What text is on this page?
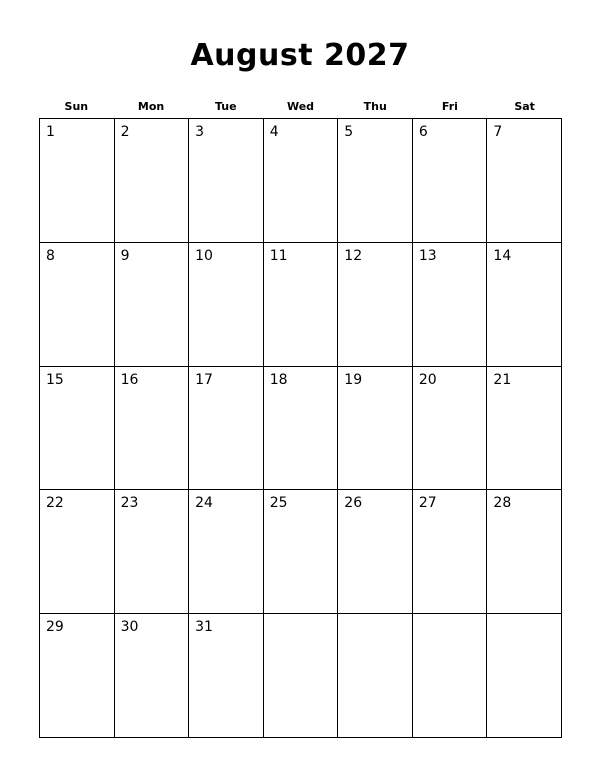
August 2027
Sun	Mon	Tue	Wed	Thu	Fri	Sat
1	2	3	4	5	6	7
8	9	10	11	12	13	14
15	16	17	18	19	20	21
22	23	24	25	26	27	28
29	30	31
